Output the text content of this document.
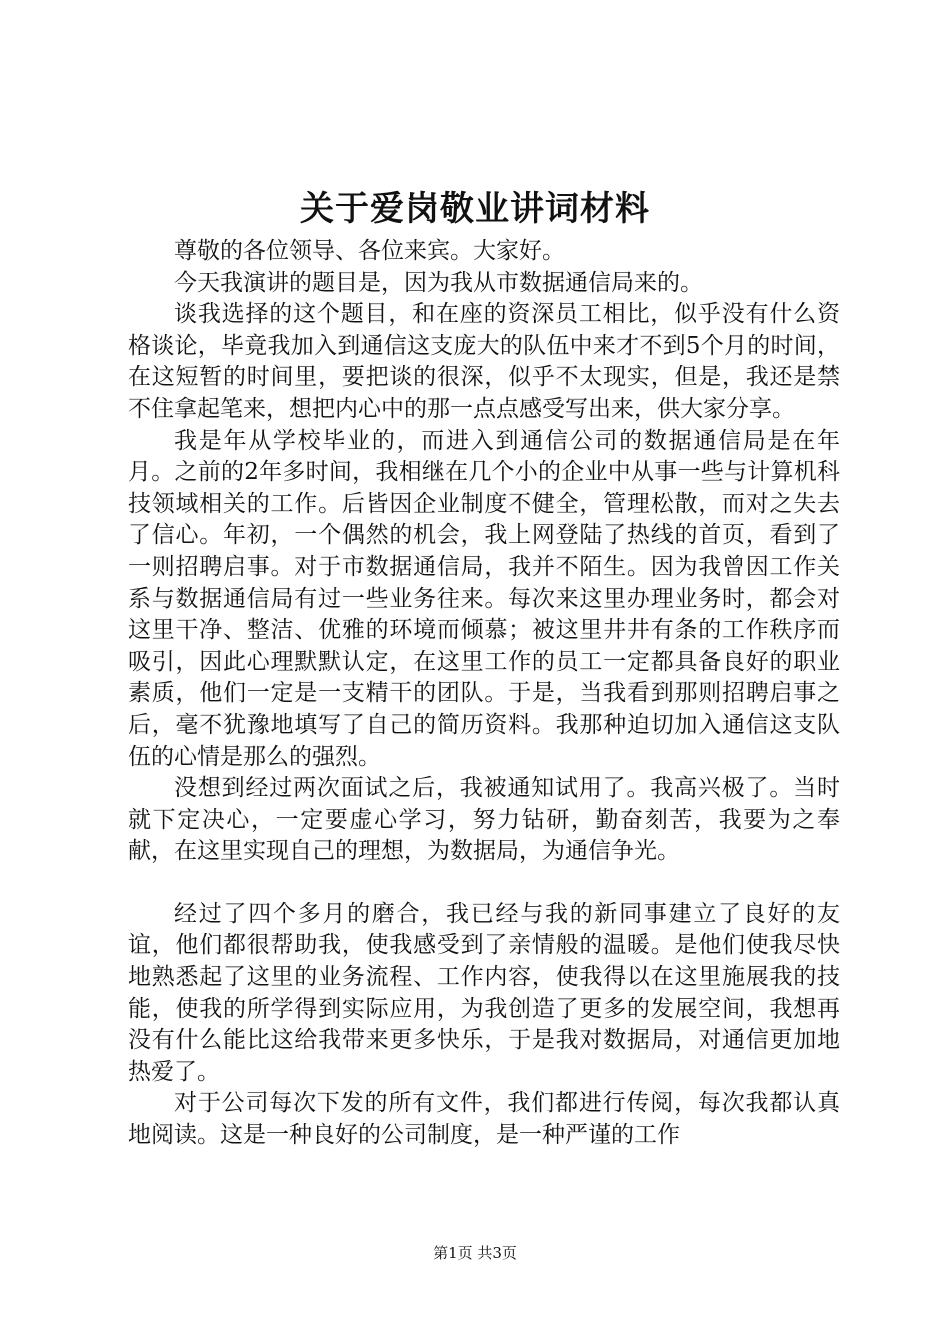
关于爱岗敬业讲词材料

尊敬的各位领导、各位来宾。大家好。

今天我演讲的题目是，因为我从市数据通信局来的。

谈我选择的这个题目，和在座的资深员工相比，似乎没有什么资格谈论，毕竟我加入到通信这支庞大的队伍中来才不到5个月的时间，在这短暂的时间里，要把谈的很深，似乎不太现实，但是，我还是禁不住拿起笔来，想把内心中的那一点点感受写出来，供大家分享。

我是年从学校毕业的，而进入到通信公司的数据通信局是在年月。之前的2年多时间，我相继在几个小的企业中从事一些与计算机科技领域相关的工作。后皆因企业制度不健全，管理松散，而对之失去了信心。年初，一个偶然的机会，我上网登陆了热线的首页，看到了一则招聘启事。对于市数据通信局，我并不陌生。因为我曾因工作关系与数据通信局有过一些业务往来。每次来这里办理业务时，都会对这里干净、整洁、优雅的环境而倾慕；被这里井井有条的工作秩序而吸引，因此心理默默认定，在这里工作的员工一定都具备良好的职业素质，他们一定是一支精干的团队。于是，当我看到那则招聘启事之后，毫不犹豫地填写了自己的简历资料。我那种迫切加入通信这支队伍的心情是那么的强烈。

没想到经过两次面试之后，我被通知试用了。我高兴极了。当时就下定决心，一定要虚心学习，努力钻研，勤奋刻苦，我要为之奉献，在这里实现自己的理想，为数据局，为通信争光。

经过了四个多月的磨合，我已经与我的新同事建立了良好的友谊，他们都很帮助我，使我感受到了亲情般的温暖。是他们使我尽快地熟悉起了这里的业务流程、工作内容，使我得以在这里施展我的技能，使我的所学得到实际应用，为我创造了更多的发展空间，我想再没有什么能比这给我带来更多快乐，于是我对数据局，对通信更加地热爱了。

对于公司每次下发的所有文件，我们都进行传阅，每次我都认真地阅读。这是一种良好的公司制度，是一种严谨的工作

第1页 共3页
